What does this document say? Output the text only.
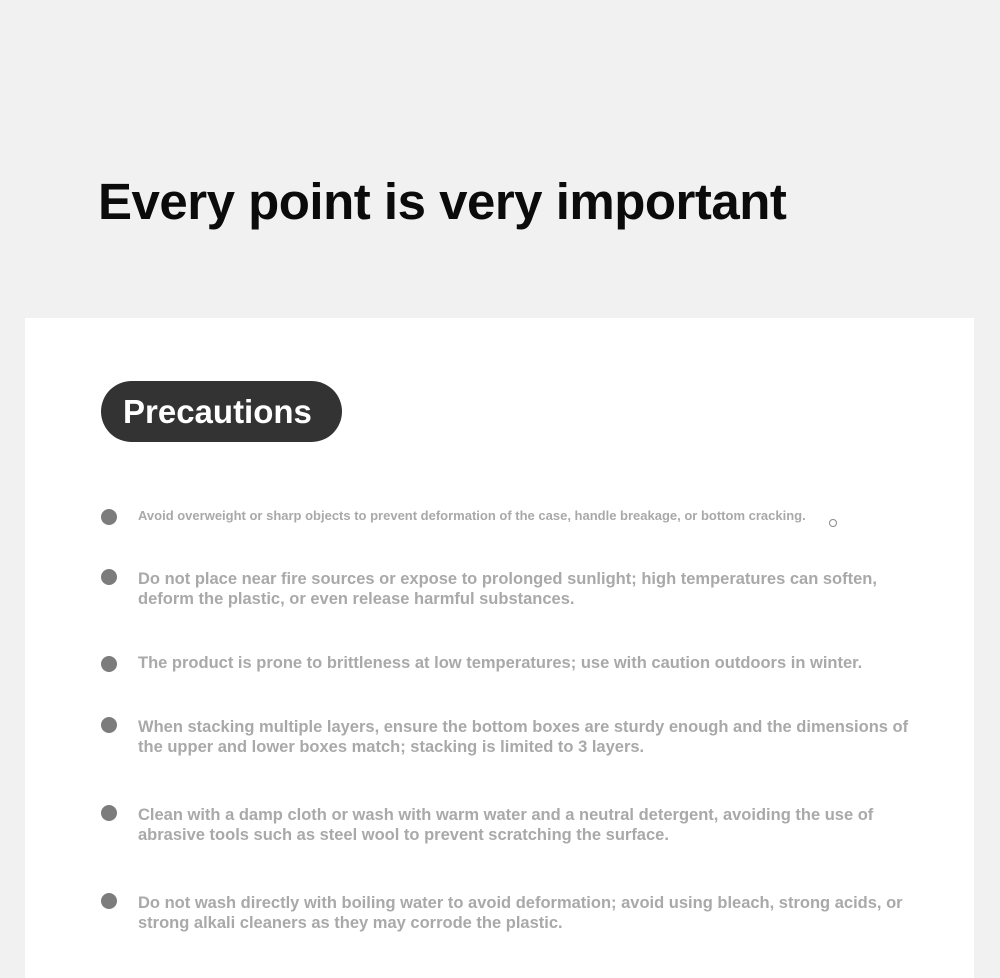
Every point is very important
Precautions
Avoid overweight or sharp objects to prevent deformation of the case, handle breakage, or bottom cracking.
Do not place near fire sources or expose to prolonged sunlight; high temperatures can soften, deform the plastic, or even release harmful substances.
The product is prone to brittleness at low temperatures; use with caution outdoors in winter.
When stacking multiple layers, ensure the bottom boxes are sturdy enough and the dimensions of the upper and lower boxes match; stacking is limited to 3 layers.
Clean with a damp cloth or wash with warm water and a neutral detergent, avoiding the use of abrasive tools such as steel wool to prevent scratching the surface.
Do not wash directly with boiling water to avoid deformation; avoid using bleach, strong acids, or strong alkali cleaners as they may corrode the plastic.
